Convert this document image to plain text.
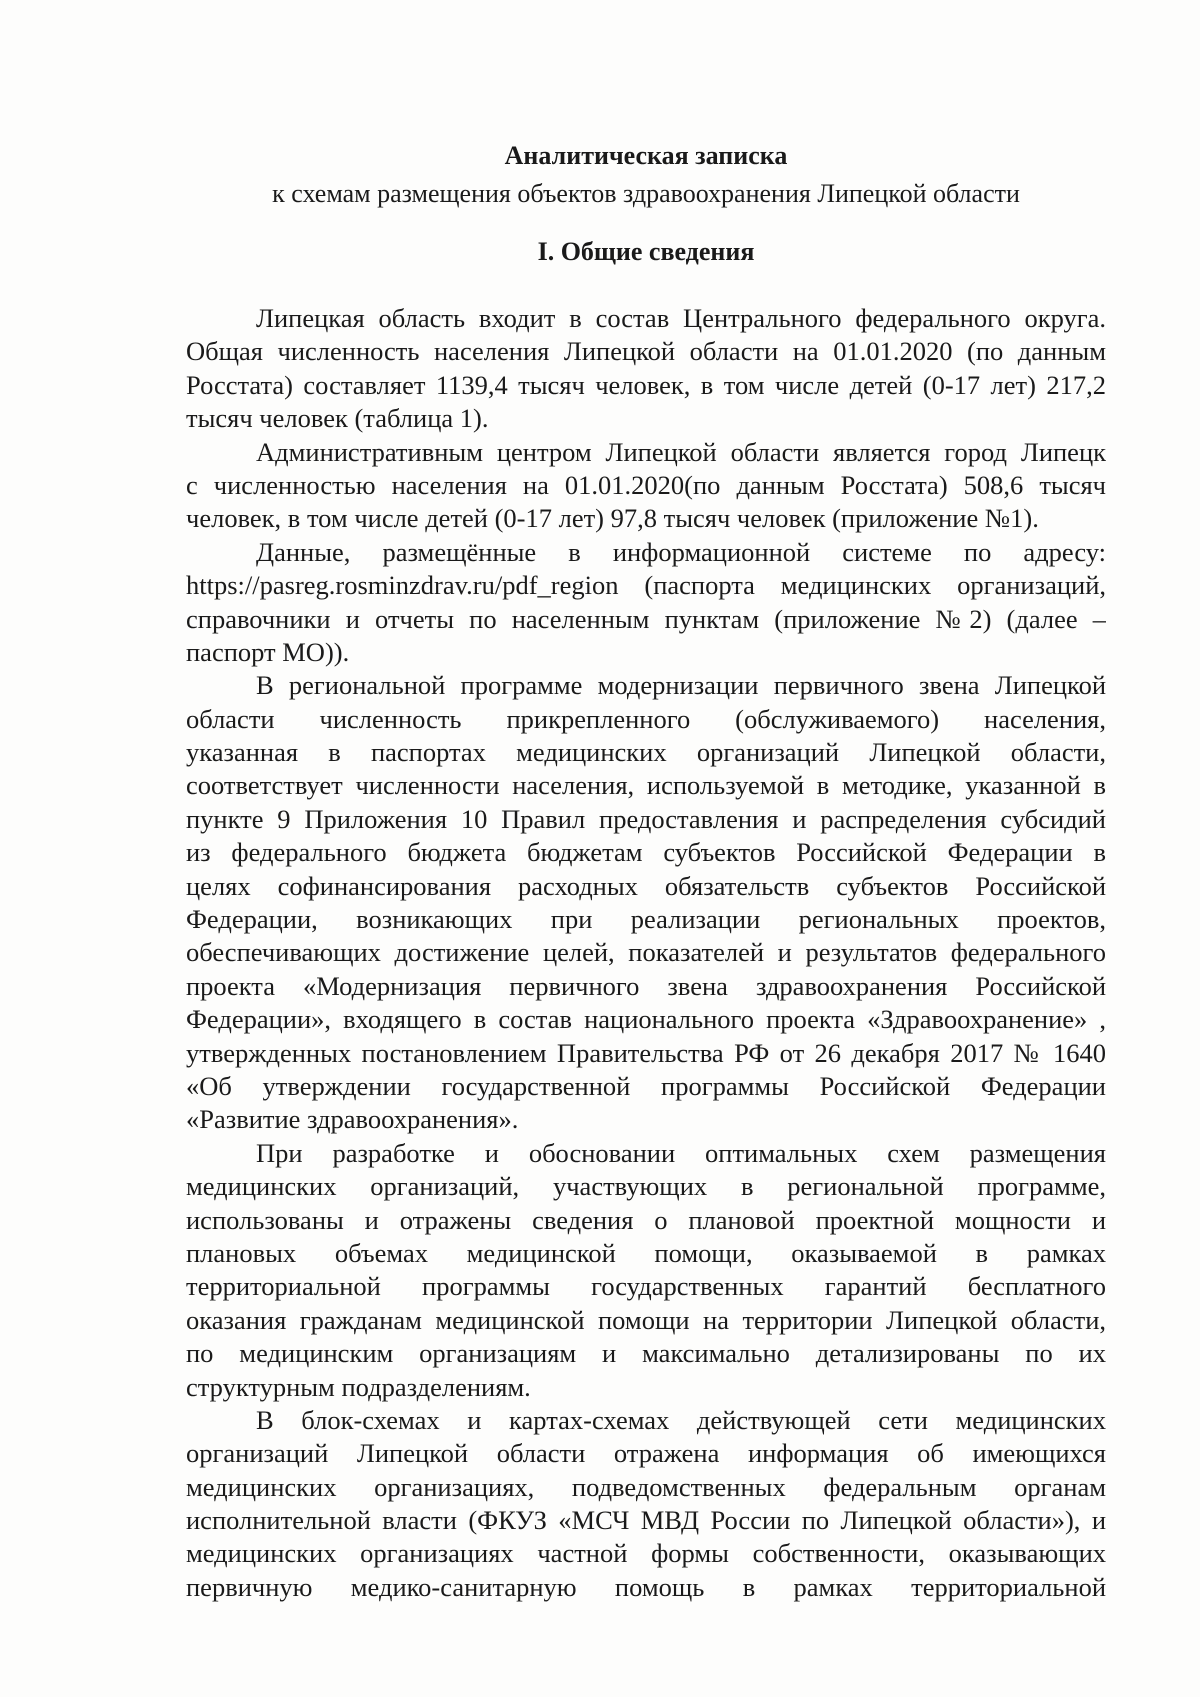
Аналитическая записка
к схемам размещения объектов здравоохранения Липецкой области
I. Общие сведения
Липецкая область входит в состав Центрального федерального округа.
Общая численность населения Липецкой области на 01.01.2020 (по данным
Росстата) составляет 1139,4 тысяч человек, в том числе детей (0-17 лет) 217,2
тысяч человек (таблица 1).
Административным центром Липецкой области является город Липецк
с численностью населения на 01.01.2020(по данным Росстата) 508,6 тысяч
человек, в том числе детей (0-17 лет) 97,8 тысяч человек (приложение №1).
Данные, размещённые в информационной системе по адресу:
https://pasreg.rosminzdrav.ru/pdf_region (паспорта медицинских организаций,
справочники и отчеты по населенным пунктам (приложение №2) (далее –
паспорт МО)).
В региональной программе модернизации первичного звена Липецкой
области численность прикрепленного (обслуживаемого) населения,
указанная в паспортах медицинских организаций Липецкой области,
соответствует численности населения, используемой в методике, указанной в
пункте 9 Приложения 10 Правил предоставления и распределения субсидий
из федерального бюджета бюджетам субъектов Российской Федерации в
целях софинансирования расходных обязательств субъектов Российской
Федерации, возникающих при реализации региональных проектов,
обеспечивающих достижение целей, показателей и результатов федерального
проекта «Модернизация первичного звена здравоохранения Российской
Федерации», входящего в состав национального проекта «Здравоохранение» ,
утвержденных постановлением Правительства РФ от 26 декабря 2017 № 1640
«Об утверждении государственной программы Российской Федерации
«Развитие здравоохранения».
При разработке и обосновании оптимальных схем размещения
медицинских организаций, участвующих в региональной программе,
использованы и отражены сведения о плановой проектной мощности и
плановых объемах медицинской помощи, оказываемой в рамках
территориальной программы государственных гарантий бесплатного
оказания гражданам медицинской помощи на территории Липецкой области,
по медицинским организациям и максимально детализированы по их
структурным подразделениям.
В блок-схемах и картах-схемах действующей сети медицинских
организаций Липецкой области отражена информация об имеющихся
медицинских организациях, подведомственных федеральным органам
исполнительной власти (ФКУЗ «МСЧ МВД России по Липецкой области»), и
медицинских организациях частной формы собственности, оказывающих
первичную медико-санитарную помощь в рамках территориальной
